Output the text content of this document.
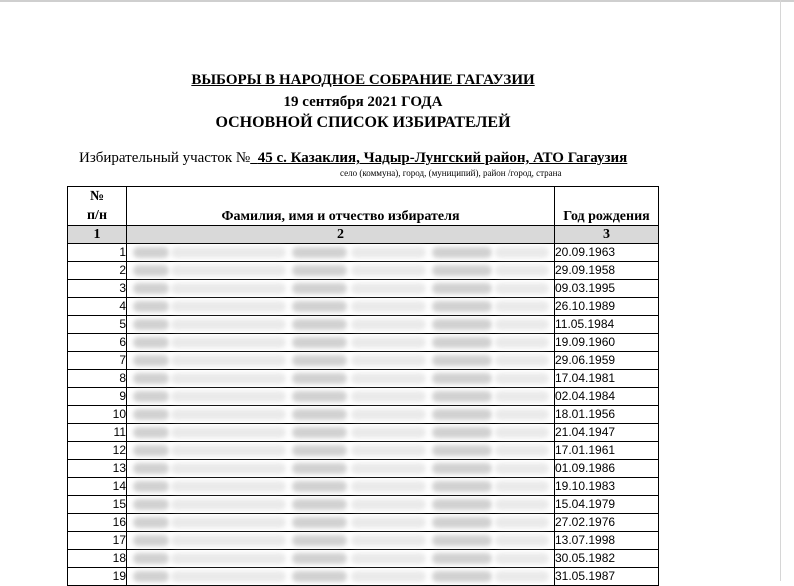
ВЫБОРЫ В НАРОДНОЕ СОБРАНИЕ ГАГАУЗИИ
19 сентября 2021 ГОДА
ОСНОВНОЙ СПИСОК ИЗБИРАТЕЛЕЙ
Избирательный участок № 45 с. Казаклия, Чадыр-Лунгский район, АТО Гагаузия
село (коммуна), город, (муниципий), район /город, страна
№
п/н	Фамилия, имя и отчество избирателя	Год рождения
1	2	3
1		20.09.1963
2		29.09.1958
3		09.03.1995
4		26.10.1989
5		11.05.1984
6		19.09.1960
7		29.06.1959
8		17.04.1981
9		02.04.1984
10		18.01.1956
11		21.04.1947
12		17.01.1961
13		01.09.1986
14		19.10.1983
15		15.04.1979
16		27.02.1976
17		13.07.1998
18		30.05.1982
19		31.05.1987
